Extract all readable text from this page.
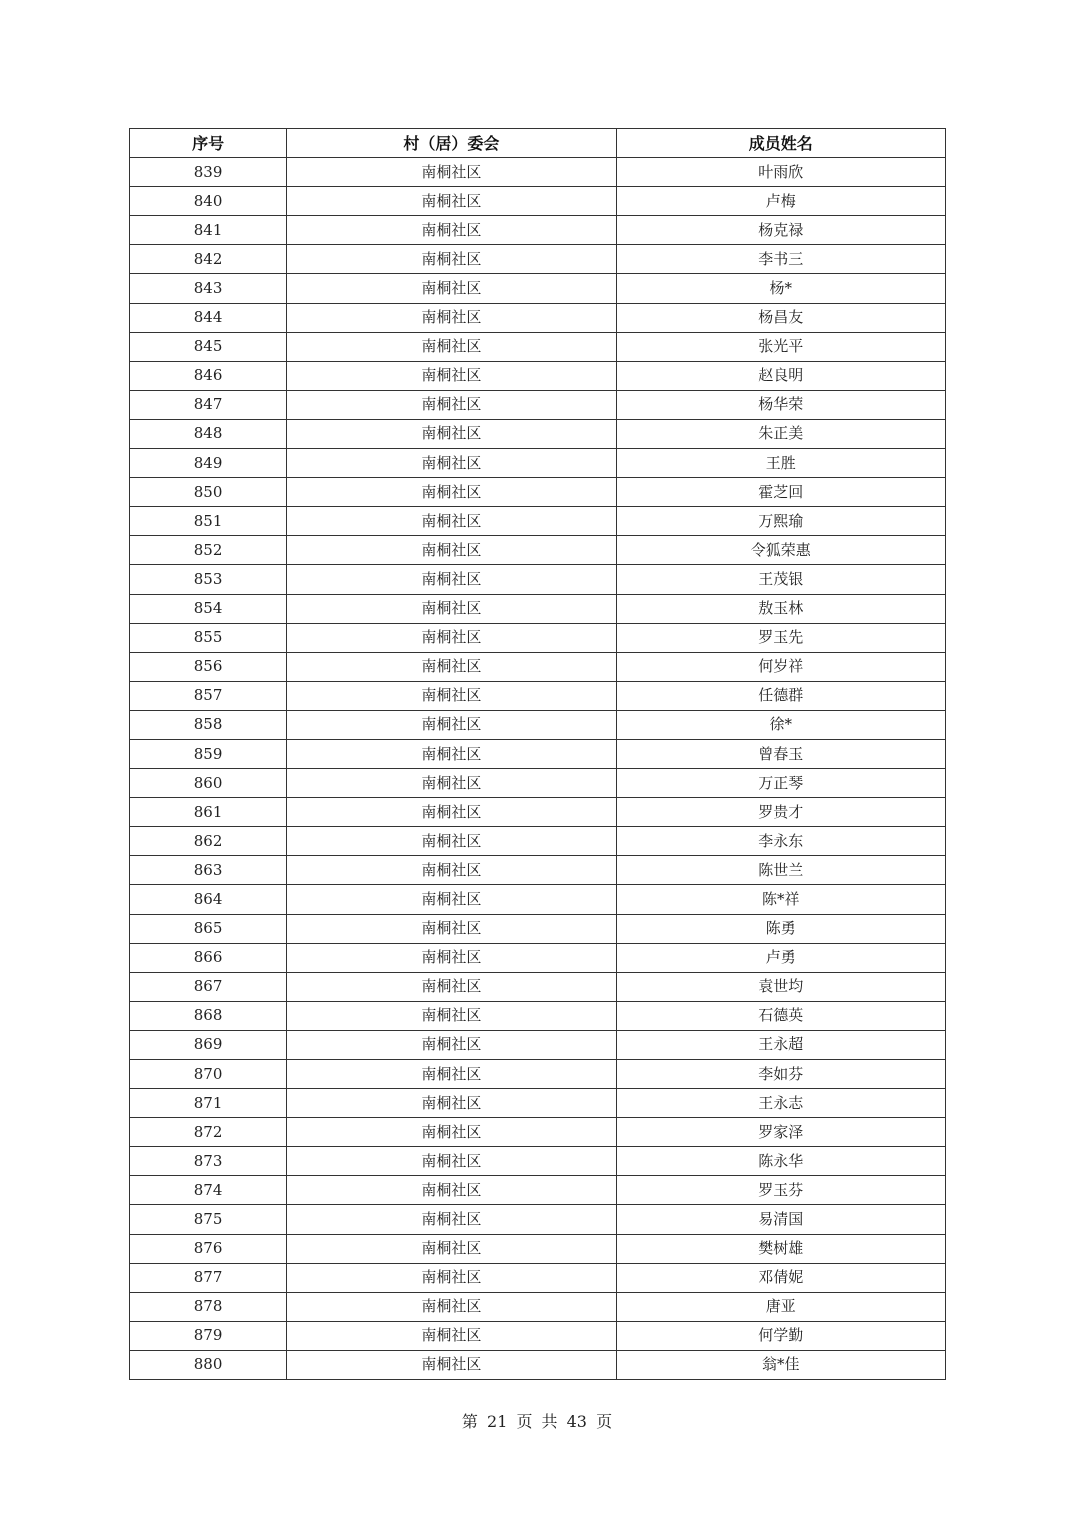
序号	村（居）委会	成员姓名
839	南桐社区	叶雨欣
840	南桐社区	卢梅
841	南桐社区	杨克禄
842	南桐社区	李书三
843	南桐社区	杨*
844	南桐社区	杨昌友
845	南桐社区	张光平
846	南桐社区	赵良明
847	南桐社区	杨华荣
848	南桐社区	朱正美
849	南桐社区	王胜
850	南桐社区	霍芝回
851	南桐社区	万熙瑜
852	南桐社区	令狐荣惠
853	南桐社区	王茂银
854	南桐社区	敖玉林
855	南桐社区	罗玉先
856	南桐社区	何岁祥
857	南桐社区	任德群
858	南桐社区	徐*
859	南桐社区	曾春玉
860	南桐社区	万正琴
861	南桐社区	罗贵才
862	南桐社区	李永东
863	南桐社区	陈世兰
864	南桐社区	陈*祥
865	南桐社区	陈勇
866	南桐社区	卢勇
867	南桐社区	袁世均
868	南桐社区	石德英
869	南桐社区	王永超
870	南桐社区	李如芬
871	南桐社区	王永志
872	南桐社区	罗家泽
873	南桐社区	陈永华
874	南桐社区	罗玉芬
875	南桐社区	易清国
876	南桐社区	樊树雄
877	南桐社区	邓倩妮
878	南桐社区	唐亚
879	南桐社区	何学勤
880	南桐社区	翁*佳
第 21 页 共 43 页
